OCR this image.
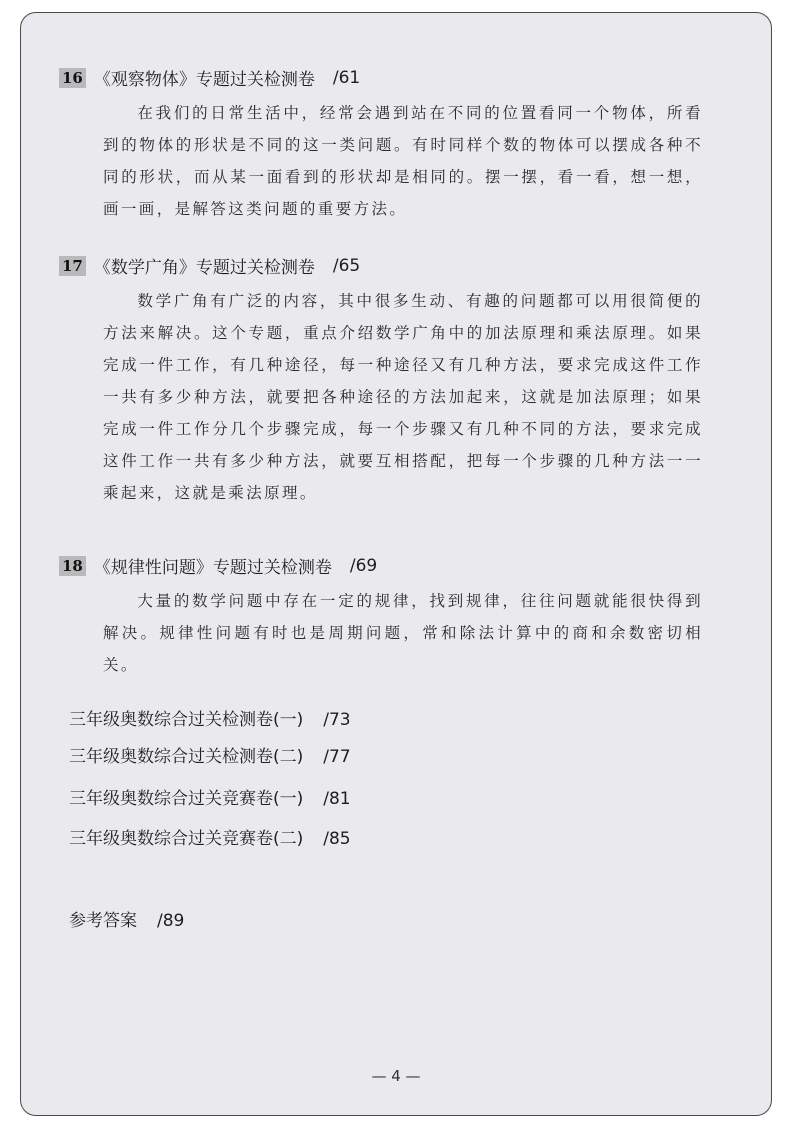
16 《观察物体》专题过关检测卷 /61

在我们的日常生活中，经常会遇到站在不同的位置看同一个物体，所看到的物体的形状是不同的这一类问题。有时同样个数的物体可以摆成各种不同的形状，而从某一面看到的形状却是相同的。摆一摆，看一看，想一想，画一画，是解答这类问题的重要方法。

17 《数学广角》专题过关检测卷 /65

数学广角有广泛的内容，其中很多生动、有趣的问题都可以用很简便的方法来解决。这个专题，重点介绍数学广角中的加法原理和乘法原理。如果完成一件工作，有几种途径，每一种途径又有几种方法，要求完成这件工作一共有多少种方法，就要把各种途径的方法加起来，这就是加法原理；如果完成一件工作分几个步骤完成，每一个步骤又有几种不同的方法，要求完成这件工作一共有多少种方法，就要互相搭配，把每一个步骤的几种方法一一乘起来，这就是乘法原理。

18 《规律性问题》专题过关检测卷 /69

大量的数学问题中存在一定的规律，找到规律，往往问题就能很快得到解决。规律性问题有时也是周期问题，常和除法计算中的商和余数密切相关。

三年级奥数综合过关检测卷(一) /73
三年级奥数综合过关检测卷(二) /77
三年级奥数综合过关竞赛卷(一) /81
三年级奥数综合过关竞赛卷(二) /85
参考答案 /89
— 4 —
